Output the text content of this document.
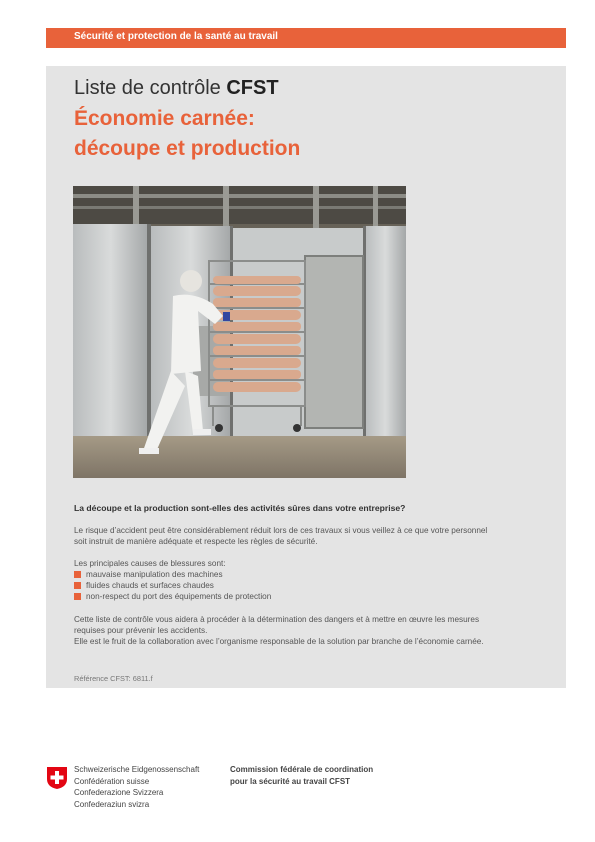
Sécurité et protection de la santé au travail
Liste de contrôle CFST
Économie carnée:
découpe et production
La découpe et la production sont-elles des activités sûres dans votre entreprise?
Le risque d’accident peut être considérablement réduit lors de ces travaux si vous veillez à ce que votre personnel
soit instruit de manière adéquate et respecte les règles de sécurité.
Les principales causes de blessures sont:
mauvaise manipulation des machines
fluides chauds et surfaces chaudes
non-respect du port des équipements de protection
Cette liste de contrôle vous aidera à procéder à la détermination des dangers et à mettre en œuvre les mesures
requises pour prévenir les accidents.
Elle est le fruit de la collaboration avec l’organisme responsable de la solution par branche de l’économie carnée.
Référence CFST: 6811.f
Schweizerische Eidgenossenschaft
Confédération suisse
Confederazione Svizzera
Confederaziun svizra
Commission fédérale de coordination
pour la sécurité au travail CFST
